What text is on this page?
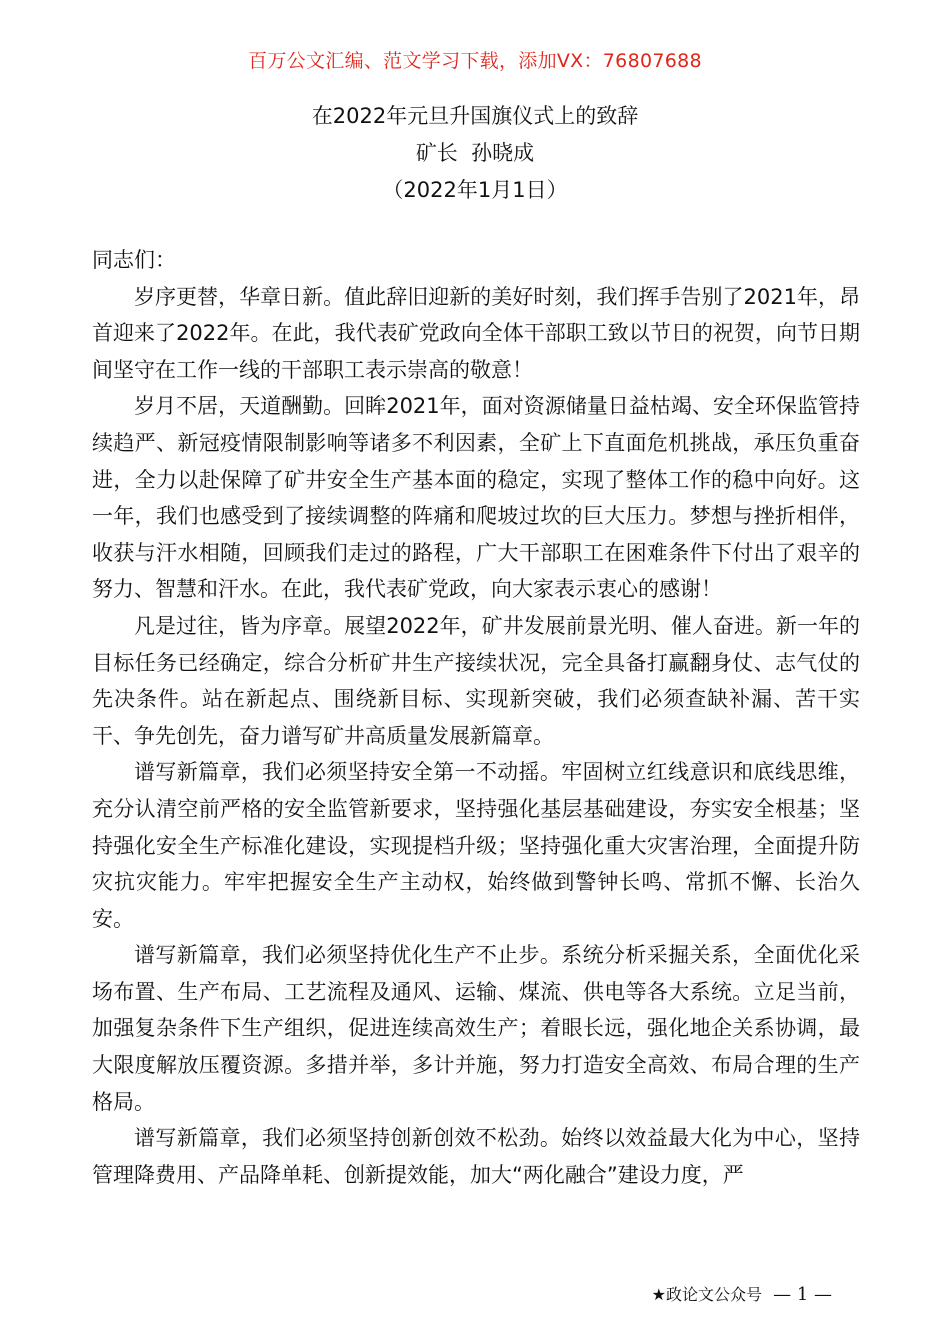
百万公文汇编、范文学习下载，添加VX：76807688
在2022年元旦升国旗仪式上的致辞
矿长  孙晓成
（2022年1月1日）

同志们：

岁序更替，华章日新。值此辞旧迎新的美好时刻，我们挥手告别了2021年，昂首迎来了2022年。在此，我代表矿党政向全体干部职工致以节日的祝贺，向节日期间坚守在工作一线的干部职工表示崇高的敬意！

岁月不居，天道酬勤。回眸2021年，面对资源储量日益枯竭、安全环保监管持续趋严、新冠疫情限制影响等诸多不利因素，全矿上下直面危机挑战，承压负重奋进，全力以赴保障了矿井安全生产基本面的稳定，实现了整体工作的稳中向好。这一年，我们也感受到了接续调整的阵痛和爬坡过坎的巨大压力。梦想与挫折相伴，收获与汗水相随，回顾我们走过的路程，广大干部职工在困难条件下付出了艰辛的努力、智慧和汗水。在此，我代表矿党政，向大家表示衷心的感谢！

凡是过往，皆为序章。展望2022年，矿井发展前景光明、催人奋进。新一年的目标任务已经确定，综合分析矿井生产接续状况，完全具备打赢翻身仗、志气仗的先决条件。站在新起点、围绕新目标、实现新突破，我们必须查缺补漏、苦干实干、争先创先，奋力谱写矿井高质量发展新篇章。

谱写新篇章，我们必须坚持安全第一不动摇。牢固树立红线意识和底线思维，充分认清空前严格的安全监管新要求，坚持强化基层基础建设，夯实安全根基；坚持强化安全生产标准化建设，实现提档升级；坚持强化重大灾害治理，全面提升防灾抗灾能力。牢牢把握安全生产主动权，始终做到警钟长鸣、常抓不懈、长治久安。

谱写新篇章，我们必须坚持优化生产不止步。系统分析采掘关系，全面优化采场布置、生产布局、工艺流程及通风、运输、煤流、供电等各大系统。立足当前，加强复杂条件下生产组织，促进连续高效生产；着眼长远，强化地企关系协调，最大限度解放压覆资源。多措并举，多计并施，努力打造安全高效、布局合理的生产格局。

谱写新篇章，我们必须坚持创新创效不松劲。始终以效益最大化为中心，坚持管理降费用、产品降单耗、创新提效能，加大“两化融合”建设力度，严

★政论文公众号 — 1 —
